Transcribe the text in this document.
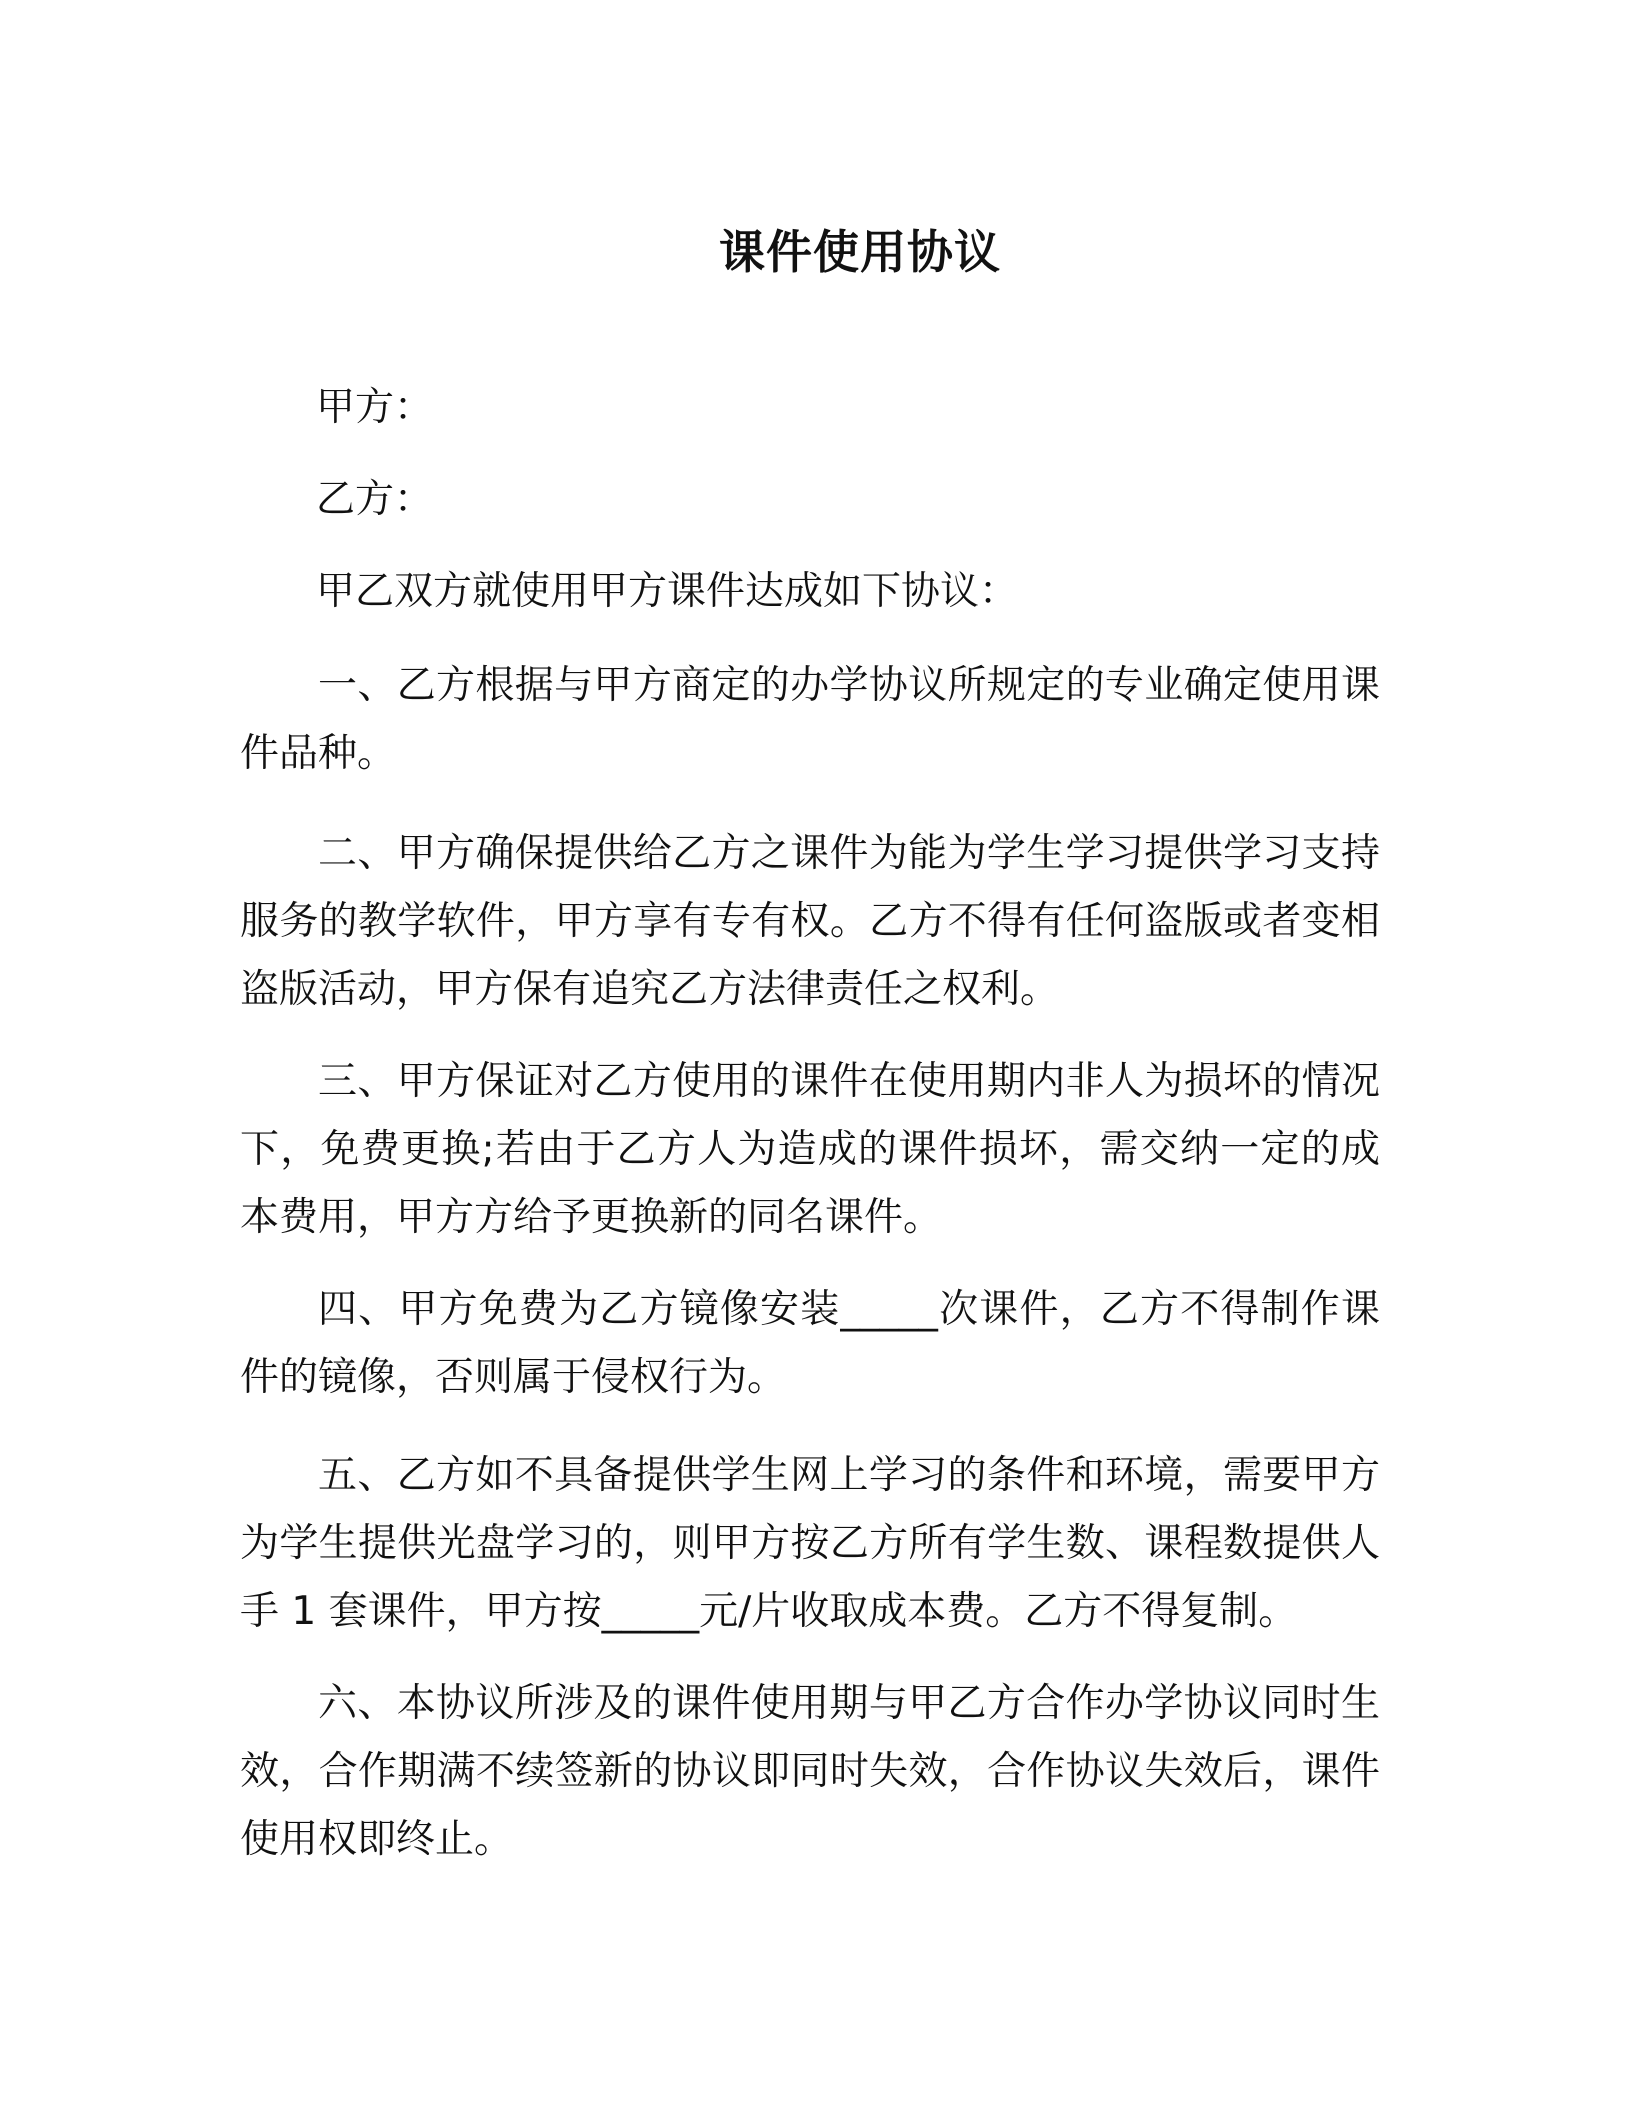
课件使用协议

甲方：

乙方：

甲乙双方就使用甲方课件达成如下协议：

一、乙方根据与甲方商定的办学协议所规定的专业确定使用课件品种。

二、甲方确保提供给乙方之课件为能为学生学习提供学习支持服务的教学软件，甲方享有专有权。乙方不得有任何盗版或者变相盗版活动，甲方保有追究乙方法律责任之权利。

三、甲方保证对乙方使用的课件在使用期内非人为损坏的情况下，免费更换;若由于乙方人为造成的课件损坏，需交纳一定的成本费用，甲方方给予更换新的同名课件。

四、甲方免费为乙方镜像安装_____次课件，乙方不得制作课件的镜像，否则属于侵权行为。

五、乙方如不具备提供学生网上学习的条件和环境，需要甲方为学生提供光盘学习的，则甲方按乙方所有学生数、课程数提供人手 1 套课件，甲方按_____元/片收取成本费。乙方不得复制。

六、本协议所涉及的课件使用期与甲乙方合作办学协议同时生效，合作期满不续签新的协议即同时失效，合作协议失效后，课件使用权即终止。
